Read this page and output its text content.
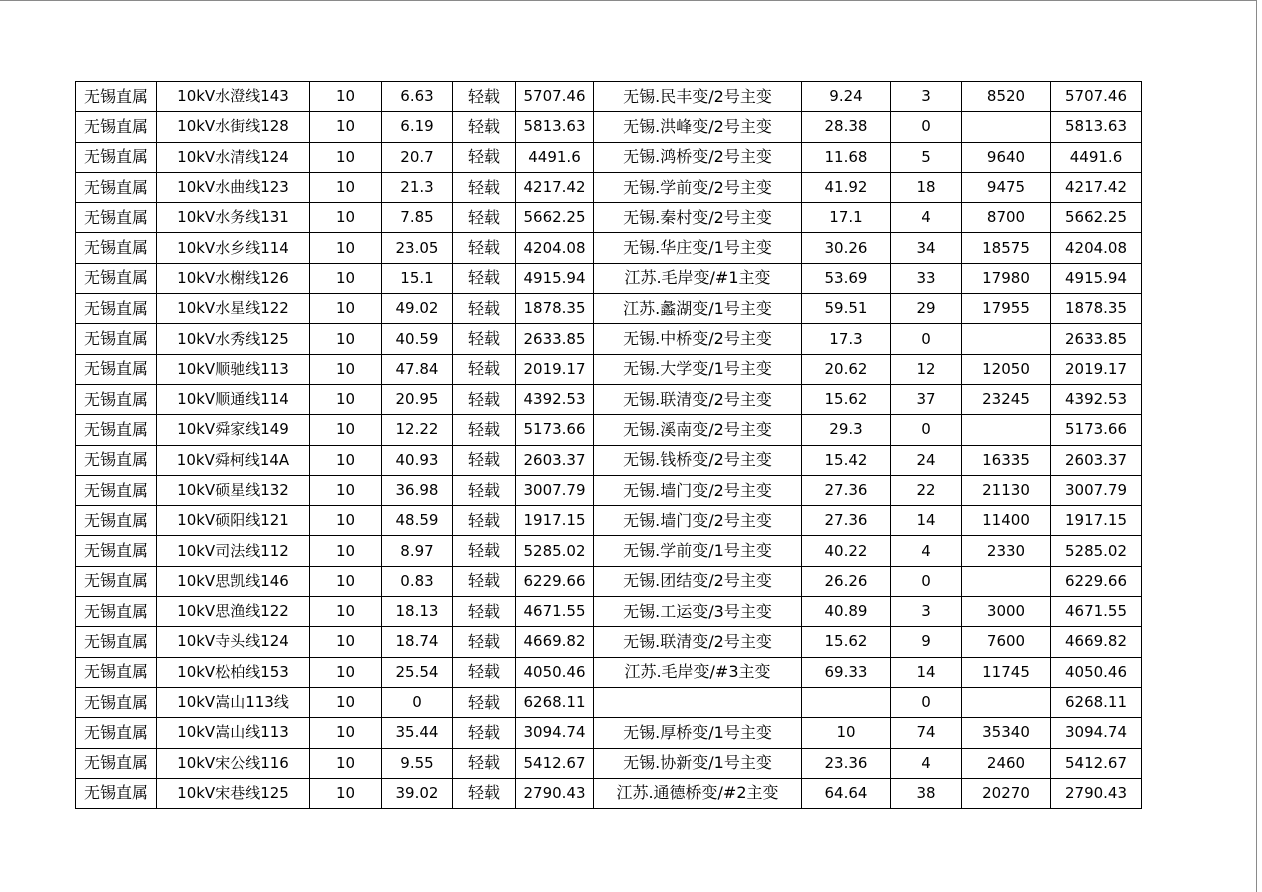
无锡直属	10kV水澄线143	10	6.63	轻载	5707.46	无锡.民丰变/2号主变	9.24	3	8520	5707.46
无锡直属	10kV水街线128	10	6.19	轻载	5813.63	无锡.洪峰变/2号主变	28.38	0		5813.63
无锡直属	10kV水清线124	10	20.7	轻载	4491.6	无锡.鸿桥变/2号主变	11.68	5	9640	4491.6
无锡直属	10kV水曲线123	10	21.3	轻载	4217.42	无锡.学前变/2号主变	41.92	18	9475	4217.42
无锡直属	10kV水务线131	10	7.85	轻载	5662.25	无锡.秦村变/2号主变	17.1	4	8700	5662.25
无锡直属	10kV水乡线114	10	23.05	轻载	4204.08	无锡.华庄变/1号主变	30.26	34	18575	4204.08
无锡直属	10kV水榭线126	10	15.1	轻载	4915.94	江苏.毛岸变/#1主变	53.69	33	17980	4915.94
无锡直属	10kV水星线122	10	49.02	轻载	1878.35	江苏.蠡湖变/1号主变	59.51	29	17955	1878.35
无锡直属	10kV水秀线125	10	40.59	轻载	2633.85	无锡.中桥变/2号主变	17.3	0		2633.85
无锡直属	10kV顺驰线113	10	47.84	轻载	2019.17	无锡.大学变/1号主变	20.62	12	12050	2019.17
无锡直属	10kV顺通线114	10	20.95	轻载	4392.53	无锡.联清变/2号主变	15.62	37	23245	4392.53
无锡直属	10kV舜家线149	10	12.22	轻载	5173.66	无锡.溪南变/2号主变	29.3	0		5173.66
无锡直属	10kV舜柯线14A	10	40.93	轻载	2603.37	无锡.钱桥变/2号主变	15.42	24	16335	2603.37
无锡直属	10kV硕星线132	10	36.98	轻载	3007.79	无锡.墙门变/2号主变	27.36	22	21130	3007.79
无锡直属	10kV硕阳线121	10	48.59	轻载	1917.15	无锡.墙门变/2号主变	27.36	14	11400	1917.15
无锡直属	10kV司法线112	10	8.97	轻载	5285.02	无锡.学前变/1号主变	40.22	4	2330	5285.02
无锡直属	10kV思凯线146	10	0.83	轻载	6229.66	无锡.团结变/2号主变	26.26	0		6229.66
无锡直属	10kV思渔线122	10	18.13	轻载	4671.55	无锡.工运变/3号主变	40.89	3	3000	4671.55
无锡直属	10kV寺头线124	10	18.74	轻载	4669.82	无锡.联清变/2号主变	15.62	9	7600	4669.82
无锡直属	10kV松柏线153	10	25.54	轻载	4050.46	江苏.毛岸变/#3主变	69.33	14	11745	4050.46
无锡直属	10kV嵩山113线	10	0	轻载	6268.11			0		6268.11
无锡直属	10kV嵩山线113	10	35.44	轻载	3094.74	无锡.厚桥变/1号主变	10	74	35340	3094.74
无锡直属	10kV宋公线116	10	9.55	轻载	5412.67	无锡.协新变/1号主变	23.36	4	2460	5412.67
无锡直属	10kV宋巷线125	10	39.02	轻载	2790.43	江苏.通德桥变/#2主变	64.64	38	20270	2790.43
